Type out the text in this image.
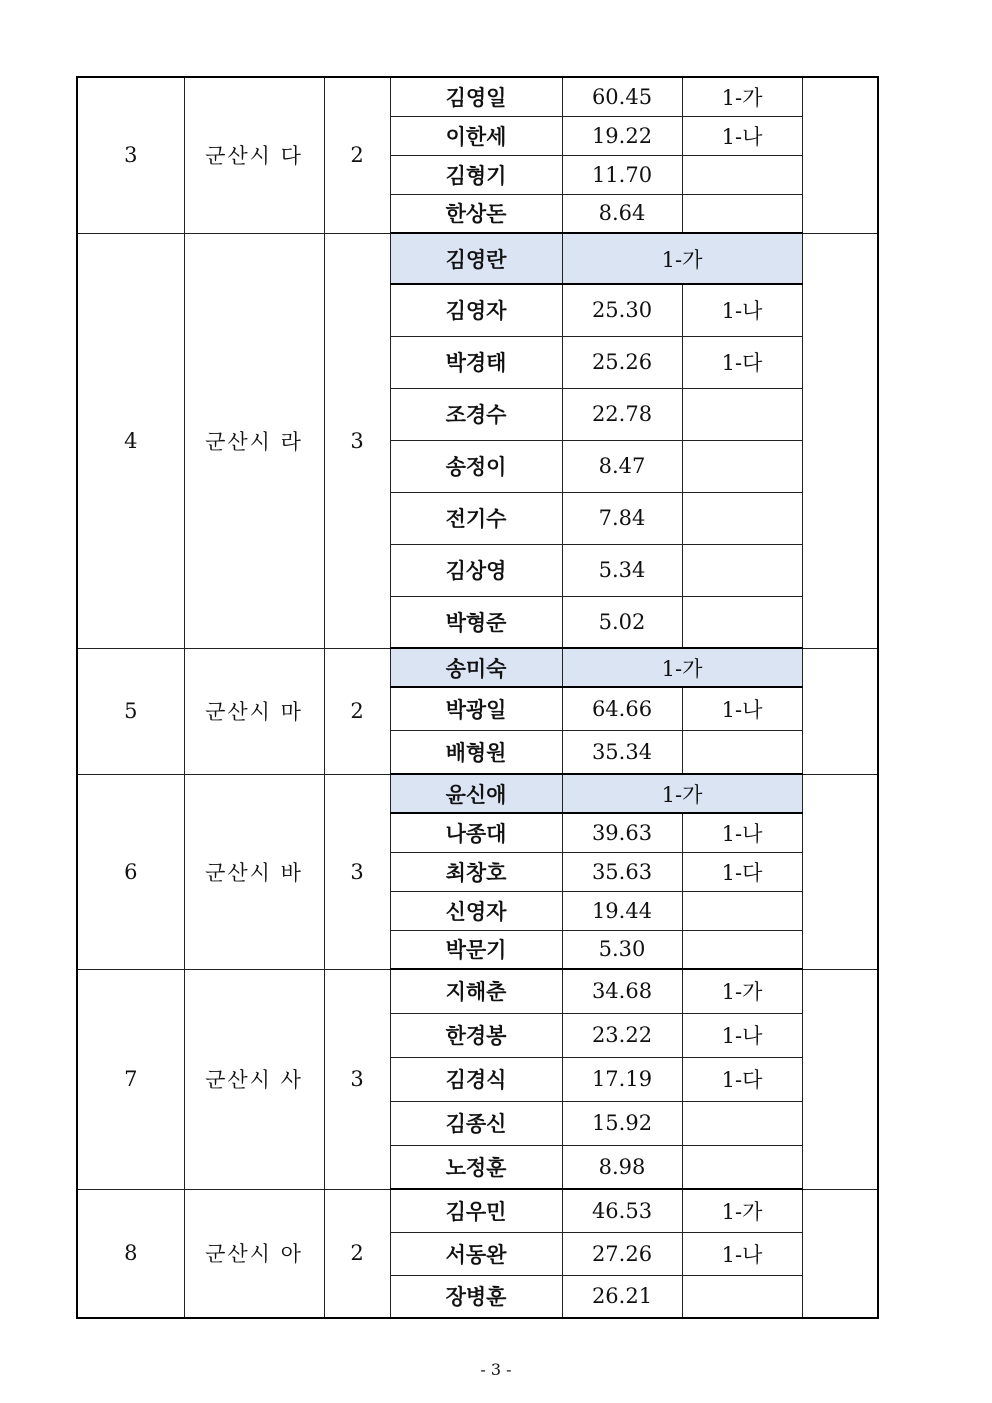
3	군산시 다	2	김영일	60.45	1-가	
			이한세	19.22	1-나	
			김형기	11.70		
			한상돈	8.64		
4	군산시 라	3	김영란	1-가		
			김영자	25.30	1-나	
			박경태	25.26	1-다	
			조경수	22.78		
			송정이	8.47		
			전기수	7.84		
			김상영	5.34		
			박형준	5.02		
5	군산시 마	2	송미숙	1-가		
			박광일	64.66	1-나	
			배형원	35.34		
6	군산시 바	3	윤신애	1-가		
			나종대	39.63	1-나	
			최창호	35.63	1-다	
			신영자	19.44		
			박문기	5.30		
7	군산시 사	3	지해춘	34.68	1-가	
			한경봉	23.22	1-나	
			김경식	17.19	1-다	
			김종신	15.92		
			노정훈	8.98		
8	군산시 아	2	김우민	46.53	1-가	
			서동완	27.26	1-나	
			장병훈	26.21		
- 3 -
